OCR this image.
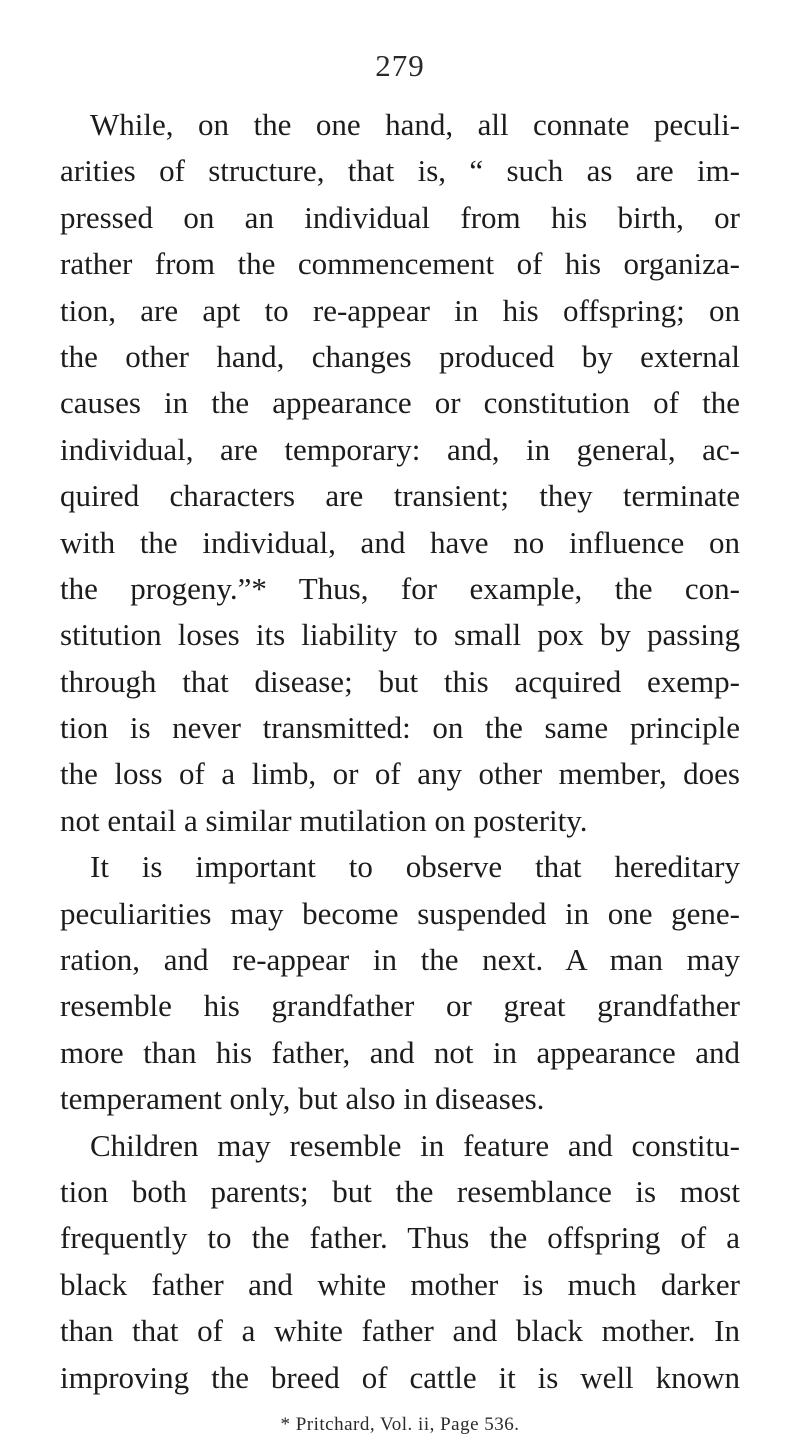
279
While, on the one hand, all connate peculi-
arities of structure, that is, “ such as are im-
pressed on an individual from his birth, or
rather from the commencement of his organiza-
tion, are apt to re-appear in his offspring; on
the other hand, changes produced by external
causes in the appearance or constitution of the
individual, are temporary: and, in general, ac-
quired characters are transient; they terminate
with the individual, and have no influence on
the progeny.”* Thus, for example, the con-
stitution loses its liability to small pox by passing
through that disease; but this acquired exemp-
tion is never transmitted: on the same principle
the loss of a limb, or of any other member, does
not entail a similar mutilation on posterity.
It is important to observe that hereditary
peculiarities may become suspended in one gene-
ration, and re-appear in the next. A man may
resemble his grandfather or great grandfather
more than his father, and not in appearance and
temperament only, but also in diseases.
Children may resemble in feature and constitu-
tion both parents; but the resemblance is most
frequently to the father. Thus the offspring of a
black father and white mother is much darker
than that of a white father and black mother. In
improving the breed of cattle it is well known
* Pritchard, Vol. ii, Page 536.
